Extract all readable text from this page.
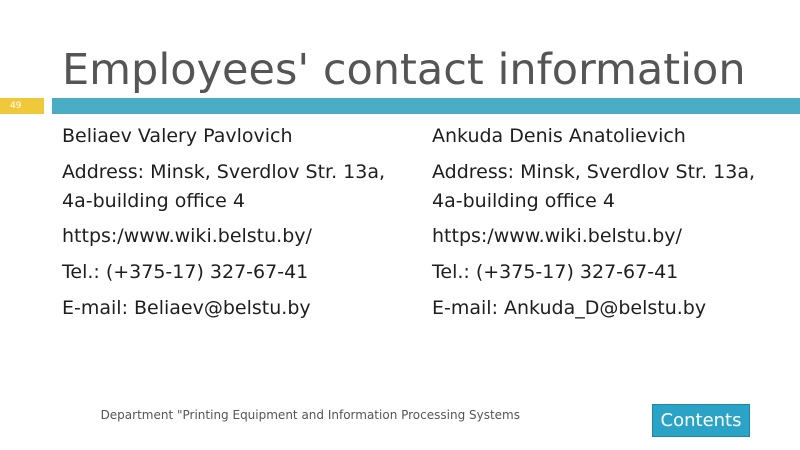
Employees' contact information
49

Beliaev Valery Pavlovich

Address: Minsk, Sverdlov Str. 13a, 4a-building office 4

https:/www.wiki.belstu.by/

Tel.: (+375-17) 327-67-41

E-mail: Beliaev@belstu.by

Ankuda Denis Anatolievich

Address: Minsk, Sverdlov Str. 13a, 4a-building office 4

https:/www.wiki.belstu.by/

Tel.: (+375-17) 327-67-41

E-mail: Ankuda_D@belstu.by

Department "Printing Equipment and Information Processing Systems	Contents
